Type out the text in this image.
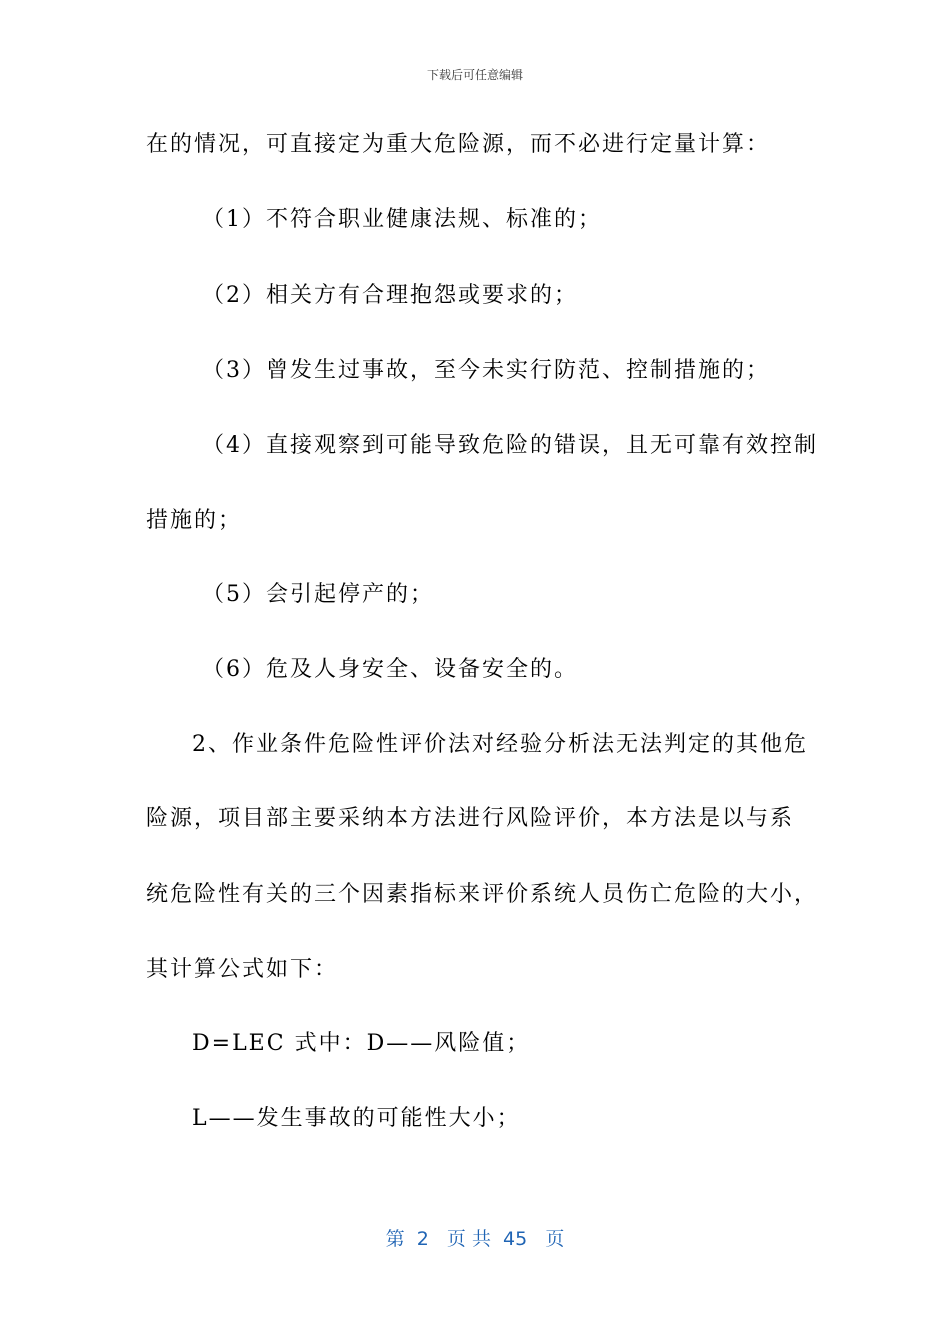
下载后可任意编辑
在的情况，可直接定为重大危险源，而不必进行定量计算：
（1）不符合职业健康法规、标准的；
（2）相关方有合理抱怨或要求的；
（3）曾发生过事故，至今未实行防范、控制措施的；
（4）直接观察到可能导致危险的错误，且无可靠有效控制
措施的；
（5）会引起停产的；
（6）危及人身安全、设备安全的。
2、作业条件危险性评价法对经验分析法无法判定的其他危
险源，项目部主要采纳本方法进行风险评价，本方法是以与系
统危险性有关的三个因素指标来评价系统人员伤亡危险的大小，
其计算公式如下：
D=LEC 式中：D——风险值；
L——发生事故的可能性大小；
第  2   页 共  45   页
